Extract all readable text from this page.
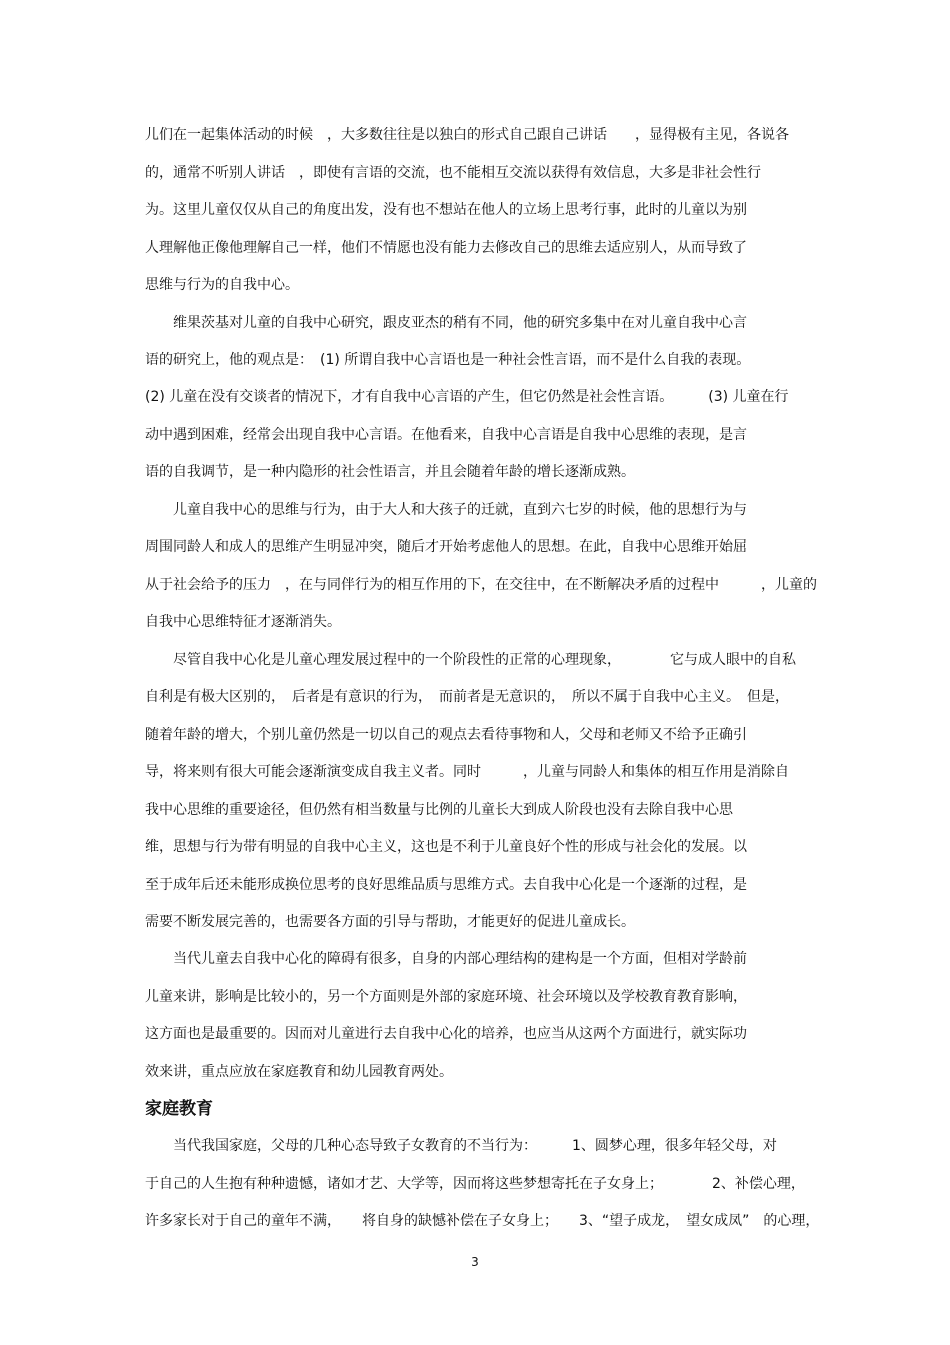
儿们在一起集体活动的时候　，大多数往往是以独白的形式自己跟自己讲话　　，显得极有主见，各说各

的，通常不听别人讲话　，即使有言语的交流，也不能相互交流以获得有效信息，大多是非社会性行

为。这里儿童仅仅从自己的角度出发，没有也不想站在他人的立场上思考行事，此时的儿童以为别

人理解他正像他理解自己一样，他们不情愿也没有能力去修改自己的思维去适应别人，从而导致了

思维与行为的自我中心。

　　维果茨基对儿童的自我中心研究，跟皮亚杰的稍有不同，他的研究多集中在对儿童自我中心言

语的研究上，他的观点是：　(1) 所谓自我中心言语也是一种社会性言语，而不是什么自我的表现。

(2) 儿童在没有交谈者的情况下，才有自我中心言语的产生，但它仍然是社会性言语。　　　(3) 儿童在行

动中遇到困难，经常会出现自我中心言语。在他看来，自我中心言语是自我中心思维的表现，是言

语的自我调节，是一种内隐形的社会性语言，并且会随着年龄的增长逐渐成熟。

　　儿童自我中心的思维与行为，由于大人和大孩子的迁就，直到六七岁的时候，他的思想行为与

周围同龄人和成人的思维产生明显冲突，随后才开始考虑他人的思想。在此，自我中心思维开始屈

从于社会给予的压力　，在与同伴行为的相互作用的下，在交往中，在不断解决矛盾的过程中　　　，儿童的

自我中心思维特征才逐渐消失。

　　尽管自我中心化是儿童心理发展过程中的一个阶段性的正常的心理现象，　　　　它与成人眼中的自私

自利是有极大区别的，　后者是有意识的行为，　而前者是无意识的，　所以不属于自我中心主义。　但是，

随着年龄的增大，个别儿童仍然是一切以自己的观点去看待事物和人，父母和老师又不给予正确引

导，将来则有很大可能会逐渐演变成自我主义者。同时　　　，儿童与同龄人和集体的相互作用是消除自

我中心思维的重要途径，但仍然有相当数量与比例的儿童长大到成人阶段也没有去除自我中心思

维，思想与行为带有明显的自我中心主义，这也是不利于儿童良好个性的形成与社会化的发展。以

至于成年后还未能形成换位思考的良好思维品质与思维方式。去自我中心化是一个逐渐的过程，是

需要不断发展完善的，也需要各方面的引导与帮助，才能更好的促进儿童成长。

　　当代儿童去自我中心化的障碍有很多，自身的内部心理结构的建构是一个方面，但相对学龄前

儿童来讲，影响是比较小的，另一个方面则是外部的家庭环境、社会环境以及学校教育教育影响，

这方面也是最重要的。因而对儿童进行去自我中心化的培养，也应当从这两个方面进行，就实际功

效来讲，重点应放在家庭教育和幼儿园教育两处。

家庭教育

　　当代我国家庭，父母的几种心态导致子女教育的不当行为：　　　1、圆梦心理，很多年轻父母，对

于自己的人生抱有种种遗憾，诸如才艺、大学等，因而将这些梦想寄托在子女身上；　　　　2、补偿心理，

许多家长对于自己的童年不满，　　将自身的缺憾补偿在子女身上；　　3、“望子成龙，　望女成凤”　的心理，

3
